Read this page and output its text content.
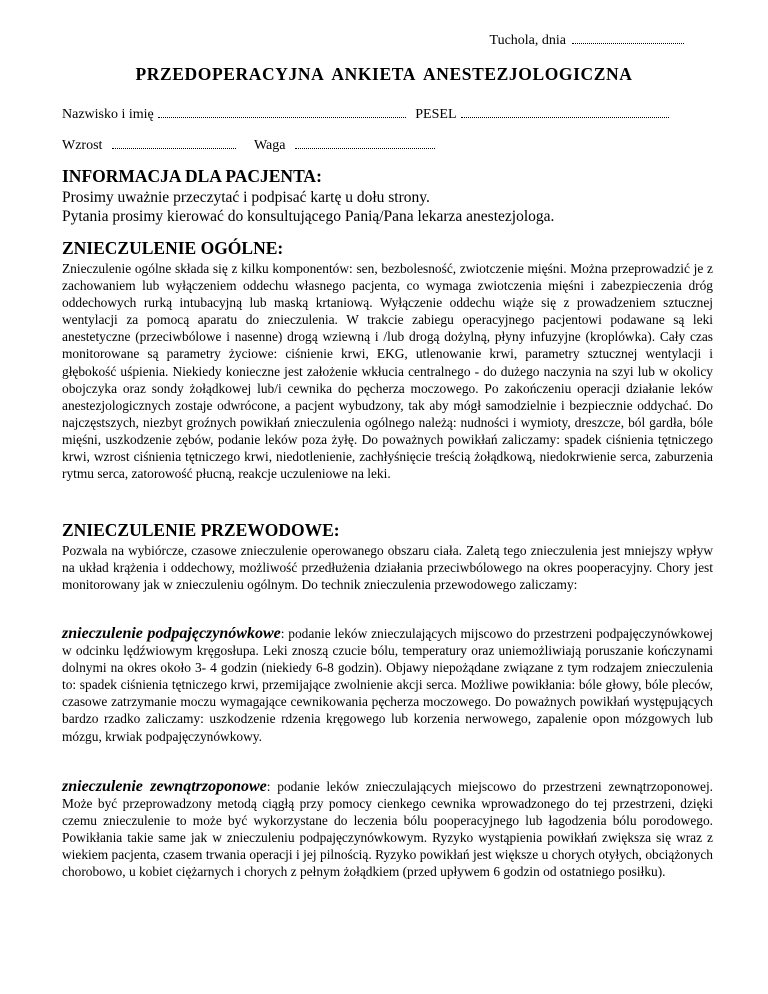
Tuchola, dnia
PRZEDOPERACYJNA ANKIETA ANESTEZJOLOGICZNA
Nazwisko i imię	PESEL
Wzrost	Waga
INFORMACJA DLA PACJENTA:
Prosimy uważnie przeczytać i podpisać kartę u dołu strony.
Pytania prosimy kierować do konsultującego Panią/Pana lekarza anestezjologa.
ZNIECZULENIE OGÓLNE:

Znieczulenie ogólne składa się z kilku komponentów: sen, bezbolesność, zwiotczenie mięśni. Można przeprowadzić je z zachowaniem lub wyłączeniem oddechu własnego pacjenta, co wymaga zwiotczenia mięśni i zabezpieczenia dróg oddechowych rurką intubacyjną lub maską krtaniową. Wyłączenie oddechu wiąże się z prowadzeniem sztucznej wentylacji za pomocą aparatu do znieczulenia. W trakcie zabiegu operacyjnego pacjentowi podawane są leki anestetyczne (przeciwbólowe i nasenne) drogą wziewną i /lub drogą dożylną, płyny infuzyjne (kroplówka). Cały czas monitorowane są parametry życiowe: ciśnienie krwi, EKG, utlenowanie krwi, parametry sztucznej wentylacji i głębokość uśpienia. Niekiedy konieczne jest założenie wkłucia centralnego - do dużego naczynia na szyi lub w okolicy obojczyka oraz sondy żołądkowej lub/i cewnika do pęcherza moczowego. Po zakończeniu operacji działanie leków anestezjologicznych zostaje odwrócone, a pacjent wybudzony, tak aby mógł samodzielnie i bezpiecznie oddychać. Do najczęstszych, niezbyt groźnych powikłań znieczulenia ogólnego należą: nudności i wymioty, dreszcze, ból gardła, bóle mięśni, uszkodzenie zębów, podanie leków poza żyłę. Do poważnych powikłań zaliczamy: spadek ciśnienia tętniczego krwi, wzrost ciśnienia tętniczego krwi, niedotlenienie, zachłyśnięcie treścią żołądkową, niedokrwienie serca, zaburzenia rytmu serca, zatorowość płucną, reakcje uczuleniowe na leki.

ZNIECZULENIE PRZEWODOWE:

Pozwala na wybiórcze, czasowe znieczulenie operowanego obszaru ciała. Zaletą tego znieczulenia jest mniejszy wpływ na układ krążenia i oddechowy, możliwość przedłużenia działania przeciwbólowego na okres pooperacyjny. Chory jest monitorowany jak w znieczuleniu ogólnym. Do technik znieczulenia przewodowego zaliczamy:

znieczulenie podpajęczynówkowe: podanie leków znieczulających mijscowo do przestrzeni podpajęczynówkowej w odcinku lędźwiowym kręgosłupa. Leki znoszą czucie bólu, temperatury oraz uniemożliwiają poruszanie kończynami dolnymi na okres około 3- 4 godzin (niekiedy 6-8 godzin). Objawy niepożądane związane z tym rodzajem znieczulenia to: spadek ciśnienia tętniczego krwi, przemijające zwolnienie akcji serca. Możliwe powikłania: bóle głowy, bóle pleców, czasowe zatrzymanie moczu wymagające cewnikowania pęcherza moczowego. Do poważnych powikłań występujących bardzo rzadko zaliczamy: uszkodzenie rdzenia kręgowego lub korzenia nerwowego, zapalenie opon mózgowych lub mózgu, krwiak podpajęczynówkowy.

znieczulenie zewnątrzoponowe: podanie leków znieczulających miejscowo do przestrzeni zewnątrzoponowej. Może być przeprowadzony metodą ciągłą przy pomocy cienkego cewnika wprowadzonego do tej przestrzeni, dzięki czemu znieczulenie to może być wykorzystane do leczenia bólu pooperacyjnego lub łagodzenia bólu porodowego. Powikłania takie same jak w znieczuleniu podpajęczynówkowym. Ryzyko wystąpienia powikłań zwiększa się wraz z wiekiem pacjenta, czasem trwania operacji i jej pilnością. Ryzyko powikłań jest większe u chorych otyłych, obciążonych chorobowo, u kobiet ciężarnych i chorych z pełnym żołądkiem (przed upływem 6 godzin od ostatniego posiłku).
